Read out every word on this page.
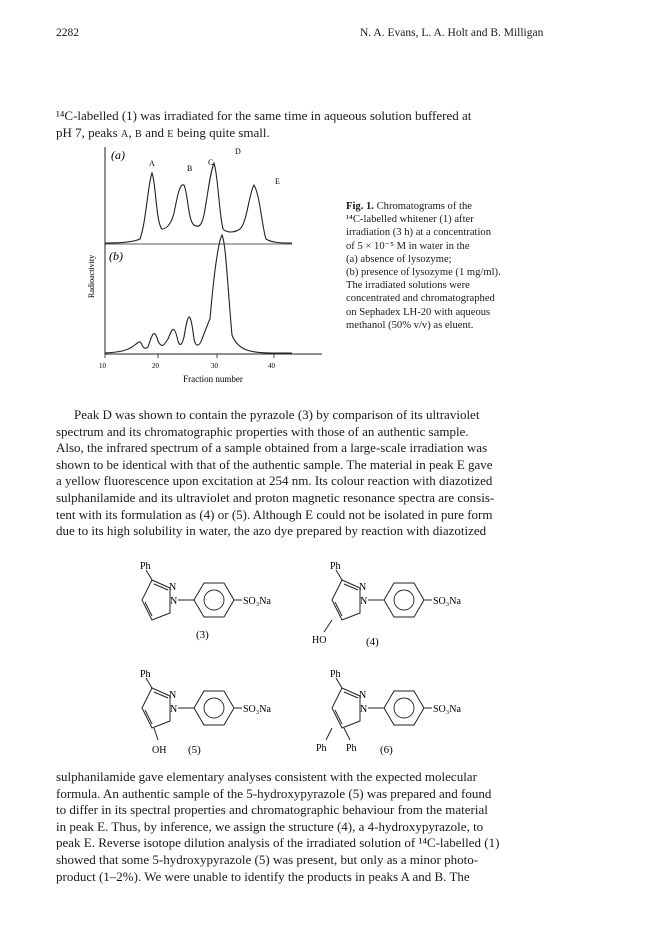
2282	N. A. Evans, L. A. Holt and B. Milligan
¹⁴C-labelled (1) was irradiated for the same time in aqueous solution buffered at
pH 7, peaks A, B and E being quite small.
(a)
(b)
A
B
C
D
E
Radioactivity
10	20	30	40
Fraction number
Fig. 1. Chromatograms of the
¹⁴C-labelled whitener (1) after
irradiation (3 h) at a concentration
of 5 × 10⁻⁵ M in water in the
(a) absence of lysozyme;
(b) presence of lysozyme (1 mg/ml).
The irradiated solutions were
concentrated and chromatographed
on Sephadex LH-20 with aqueous
methanol (50% v/v) as eluent.
Peak D was shown to contain the pyrazole (3) by comparison of its ultraviolet
spectrum and its chromatographic properties with those of an authentic sample.
Also, the infrared spectrum of a sample obtained from a large-scale irradiation was
shown to be identical with that of the authentic sample. The material in peak E gave
a yellow fluorescence upon excitation at 254 nm. Its colour reaction with diazotized
sulphanilamide and its ultraviolet and proton magnetic resonance spectra are consis-
tent with its formulation as (4) or (5). Although E could not be isolated in pure form
due to its high solubility in water, the azo dye prepared by reaction with diazotized
Ph
N
N	SO₃Na
(3)
Ph
N
N	SO₃Na
HO	(4)
Ph
N
N	SO₃Na
OH (5)
Ph
N
N	SO₃Na
Ph Ph (6)
sulphanilamide gave elementary analyses consistent with the expected molecular
formula. An authentic sample of the 5-hydroxypyrazole (5) was prepared and found
to differ in its spectral properties and chromatographic behaviour from the material
in peak E. Thus, by inference, we assign the structure (4), a 4-hydroxypyrazole, to
peak E. Reverse isotope dilution analysis of the irradiated solution of ¹⁴C-labelled (1)
showed that some 5-hydroxypyrazole (5) was present, but only as a minor photo-
product (1–2%). We were unable to identify the products in peaks A and B. The
